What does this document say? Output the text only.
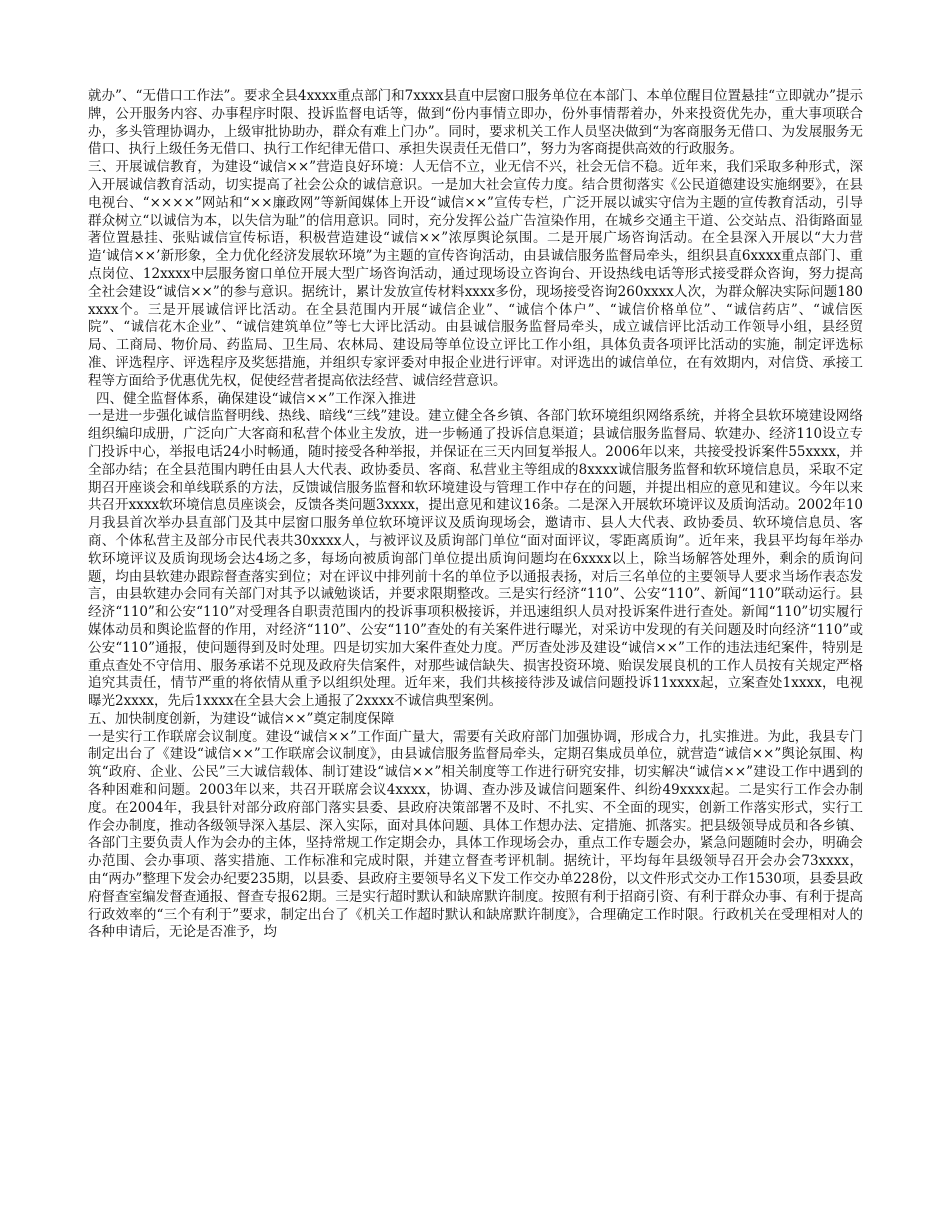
就办”、“无借口工作法”。要求全县4xxxx重点部门和7xxxx县直中层窗口服务单位在本部门、本单位醒目位置悬挂“立即就办”提示牌，公开服务内容、办事程序时限、投诉监督电话等，做到“份内事情立即办，份外事情帮着办，外来投资优先办，重大事项联合办，多头管理协调办，上级审批协助办，群众有难上门办”。同时，要求机关工作人员坚决做到“为客商服务无借口、为发展服务无借口、执行上级任务无借口、执行工作纪律无借口、承担失误责任无借口”，努力为客商提供高效的行政服务。

三、开展诚信教育，为建设“诚信××”营造良好环境：人无信不立，业无信不兴，社会无信不稳。近年来，我们采取多种形式，深入开展诚信教育活动，切实提高了社会公众的诚信意识。一是加大社会宣传力度。结合贯彻落实《公民道德建设实施纲要》，在县电视台、“××××”网站和“××廉政网”等新闻媒体上开设“诚信××”宣传专栏，广泛开展以诚实守信为主题的宣传教育活动，引导群众树立“以诚信为本，以失信为耻”的信用意识。同时，充分发挥公益广告渲染作用，在城乡交通主干道、公交站点、沿街路面显著位置悬挂、张贴诚信宣传标语，积极营造建设“诚信××”浓厚舆论氛围。二是开展广场咨询活动。在全县深入开展以“大力营造‘诚信××’新形象，全力优化经济发展软环境”为主题的宣传咨询活动，由县诚信服务监督局牵头，组织县直6xxxx重点部门、重点岗位、12xxxx中层服务窗口单位开展大型广场咨询活动，通过现场设立咨询台、开设热线电话等形式接受群众咨询，努力提高全社会建设“诚信××”的参与意识。据统计，累计发放宣传材料xxxx多份，现场接受咨询260xxxx人次，为群众解决实际问题180xxxx个。三是开展诚信评比活动。在全县范围内开展“诚信企业”、“诚信个体户”、“诚信价格单位”、“诚信药店”、“诚信医院”、“诚信花木企业”、“诚信建筑单位”等七大评比活动。由县诚信服务监督局牵头，成立诚信评比活动工作领导小组，县经贸局、工商局、物价局、药监局、卫生局、农林局、建设局等单位设立评比工作小组，具体负责各项评比活动的实施，制定评选标准、评选程序、评选程序及奖惩措施，并组织专家评委对申报企业进行评审。对评选出的诚信单位，在有效期内，对信贷、承接工程等方面给予优惠优先权，促使经营者提高依法经营、诚信经营意识。

四、健全监督体系，确保建设“诚信××”工作深入推进

一是进一步强化诚信监督明线、热线、暗线“三线”建设。建立健全各乡镇、各部门软环境组织网络系统，并将全县软环境建设网络组织编印成册，广泛向广大客商和私营个体业主发放，进一步畅通了投诉信息渠道；县诚信服务监督局、软建办、经济110设立专门投诉中心，举报电话24小时畅通，随时接受各种举报，并保证在三天内回复举报人。2006年以来，共接受投诉案件55xxxx，并全部办结；在全县范围内聘任由县人大代表、政协委员、客商、私营业主等组成的8xxxx诚信服务监督和软环境信息员，采取不定期召开座谈会和单线联系的方法，反馈诚信服务监督和软环境建设与管理工作中存在的问题，并提出相应的意见和建议。今年以来共召开xxxx软环境信息员座谈会，反馈各类问题3xxxx，提出意见和建议16条。二是深入开展软环境评议及质询活动。2002年10月我县首次举办县直部门及其中层窗口服务单位软环境评议及质询现场会，邀请市、县人大代表、政协委员、软环境信息员、客商、个体私营主及部分市民代表共30xxxx人，与被评议及质询部门单位“面对面评议，零距离质询”。近年来，我县平均每年举办软环境评议及质询现场会达4场之多，每场向被质询部门单位提出质询问题均在6xxxx以上，除当场解答处理外，剩余的质询问题，均由县软建办跟踪督查落实到位；对在评议中排列前十名的单位予以通报表扬，对后三名单位的主要领导人要求当场作表态发言，由县软建办会同有关部门对其予以诫勉谈话，并要求限期整改。三是实行经济“110”、公安“110”、新闻“110”联动运行。县经济“110”和公安“110”对受理各自职责范围内的投诉事项积极接诉，并迅速组织人员对投诉案件进行查处。新闻“110”切实履行媒体动员和舆论监督的作用，对经济“110”、公安“110”查处的有关案件进行曝光，对采访中发现的有关问题及时向经济“110”或公安“110”通报，使问题得到及时处理。四是切实加大案件查处力度。严厉查处涉及建设“诚信××”工作的违法违纪案件，特别是重点查处不守信用、服务承诺不兑现及政府失信案件，对那些诚信缺失、损害投资环境、贻误发展良机的工作人员按有关规定严格追究其责任，情节严重的将依情从重予以组织处理。近年来，我们共核接待涉及诚信问题投诉11xxxx起，立案查处1xxxx，电视曝光2xxxx，先后1xxxx在全县大会上通报了2xxxx不诚信典型案例。

五、加快制度创新，为建设“诚信××”奠定制度保障

一是实行工作联席会议制度。建设“诚信××”工作面广量大，需要有关政府部门加强协调，形成合力，扎实推进。为此，我县专门制定出台了《建设“诚信××”工作联席会议制度》，由县诚信服务监督局牵头，定期召集成员单位，就营造“诚信××”舆论氛围、构筑“政府、企业、公民”三大诚信载体、制订建设“诚信××”相关制度等工作进行研究安排，切实解决“诚信××”建设工作中遇到的各种困难和问题。2003年以来，共召开联席会议4xxxx，协调、查办涉及诚信问题案件、纠纷49xxxx起。二是实行工作会办制度。在2004年，我县针对部分政府部门落实县委、县政府决策部署不及时、不扎实、不全面的现实，创新工作落实形式，实行工作会办制度，推动各级领导深入基层、深入实际，面对具体问题、具体工作想办法、定措施、抓落实。把县级领导成员和各乡镇、各部门主要负责人作为会办的主体，坚持常规工作定期会办，具体工作现场会办，重点工作专题会办，紧急问题随时会办，明确会办范围、会办事项、落实措施、工作标准和完成时限，并建立督查考评机制。据统计，平均每年县级领导召开会办会73xxxx，由“两办”整理下发会办纪要235期，以县委、县政府主要领导名义下发工作交办单228份，以文件形式交办工作1530项，县委县政府督查室编发督查通报、督查专报62期。三是实行超时默认和缺席默许制度。按照有利于招商引资、有利于群众办事、有利于提高行政效率的“三个有利于”要求，制定出台了《机关工作超时默认和缺席默许制度》，合理确定工作时限。行政机关在受理相对人的各种申请后，无论是否准予，均
